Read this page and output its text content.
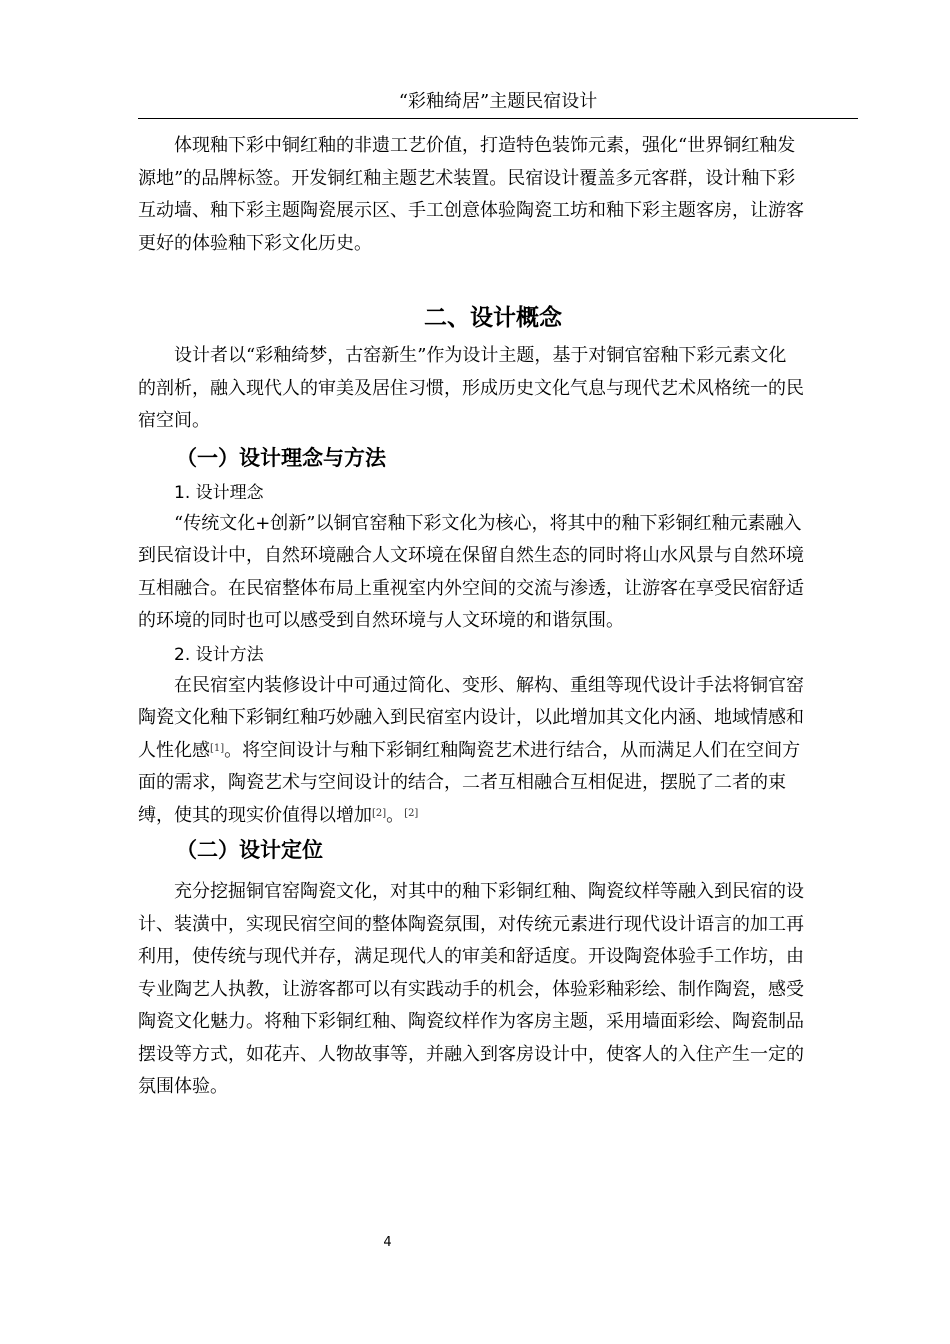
“彩釉绮居”主题民宿设计

体现釉下彩中铜红釉的非遗工艺价值，打造特色装饰元素，强化“世界铜红釉发
源地”的品牌标签。开发铜红釉主题艺术装置。民宿设计覆盖多元客群，设计釉下彩
互动墙、釉下彩主题陶瓷展示区、手工创意体验陶瓷工坊和釉下彩主题客房，让游客
更好的体验釉下彩文化历史。

二、设计概念

设计者以“彩釉绮梦，古窑新生”作为设计主题，基于对铜官窑釉下彩元素文化
的剖析，融入现代人的审美及居住习惯，形成历史文化气息与现代艺术风格统一的民
宿空间。

（一）设计理念与方法
1. 设计理念

“传统文化+创新”以铜官窑釉下彩文化为核心，将其中的釉下彩铜红釉元素融入
到民宿设计中，自然环境融合人文环境在保留自然生态的同时将山水风景与自然环境
互相融合。在民宿整体布局上重视室内外空间的交流与渗透，让游客在享受民宿舒适
的环境的同时也可以感受到自然环境与人文环境的和谐氛围。

2. 设计方法

在民宿室内装修设计中可通过简化、变形、解构、重组等现代设计手法将铜官窑
陶瓷文化釉下彩铜红釉巧妙融入到民宿室内设计，以此增加其文化内涵、地域情感和
人性化感[1]。将空间设计与釉下彩铜红釉陶瓷艺术进行结合，从而满足人们在空间方
面的需求，陶瓷艺术与空间设计的结合，二者互相融合互相促进，摆脱了二者的束
缚，使其的现实价值得以增加[2]。[2]

（二）设计定位

充分挖掘铜官窑陶瓷文化，对其中的釉下彩铜红釉、陶瓷纹样等融入到民宿的设
计、装潢中，实现民宿空间的整体陶瓷氛围，对传统元素进行现代设计语言的加工再
利用，使传统与现代并存，满足现代人的审美和舒适度。开设陶瓷体验手工作坊，由
专业陶艺人执教，让游客都可以有实践动手的机会，体验彩釉彩绘、制作陶瓷，感受
陶瓷文化魅力。将釉下彩铜红釉、陶瓷纹样作为客房主题，采用墙面彩绘、陶瓷制品
摆设等方式，如花卉、人物故事等，并融入到客房设计中，使客人的入住产生一定的
氛围体验。

4
